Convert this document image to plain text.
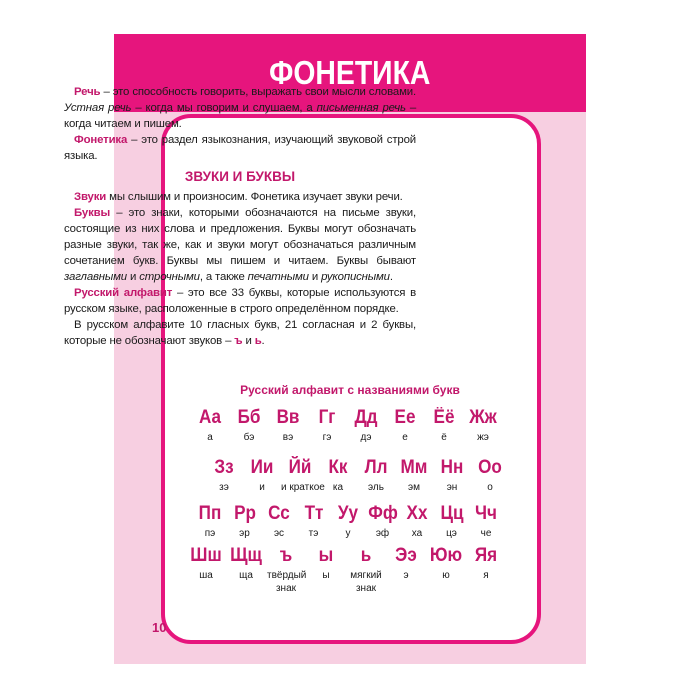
ФОНЕТИКА

Речь – это способность говорить, выражать свои мысли словами. Устная речь – когда мы говорим и слушаем, а письменная речь – когда читаем и пишем.

Фонетика – это раздел языкознания, изучающий звуковой строй языка.

ЗВУКИ И БУКВЫ

Звуки мы слышим и произносим. Фонетика изучает звуки речи.

Буквы – это знаки, которыми обозначаются на письме звуки, состоящие из них слова и предложения. Буквы могут обозначать разные звуки, так же, как и звуки могут обозначаться различным сочетанием букв. Буквы мы пишем и читаем. Буквы бывают заглавными и строчными, а также печатными и рукописными.

Русский алфавит – это все 33 буквы, которые используются в русском языке, расположенные в строго определённом порядке.

В русском алфавите 10 гласных букв, 21 согласная и 2 буквы, которые не обозначают звуков – ъ и ь.

Русский алфавит с названиями букв
Аа
а
Бб
бэ
Вв
вэ
Гг
гэ
Дд
дэ
Ее
е
Ёё
ё
Жж
жэ
Зз
зэ
Ии
и
Йй
и краткое
Кк
ка
Лл
эль
Мм
эм
Нн
эн
Оо
о
Пп
пэ
Рр
эр
Сс
эс
Тт
тэ
Уу
у
Фф
эф
Хх
ха
Цц
цэ
Чч
че
Шш
ша
Щщ
ща
ъ
твёрдый
знак
ы
ы
ь
мягкий
знак
Ээ
э
Юю
ю
Яя
я
10
